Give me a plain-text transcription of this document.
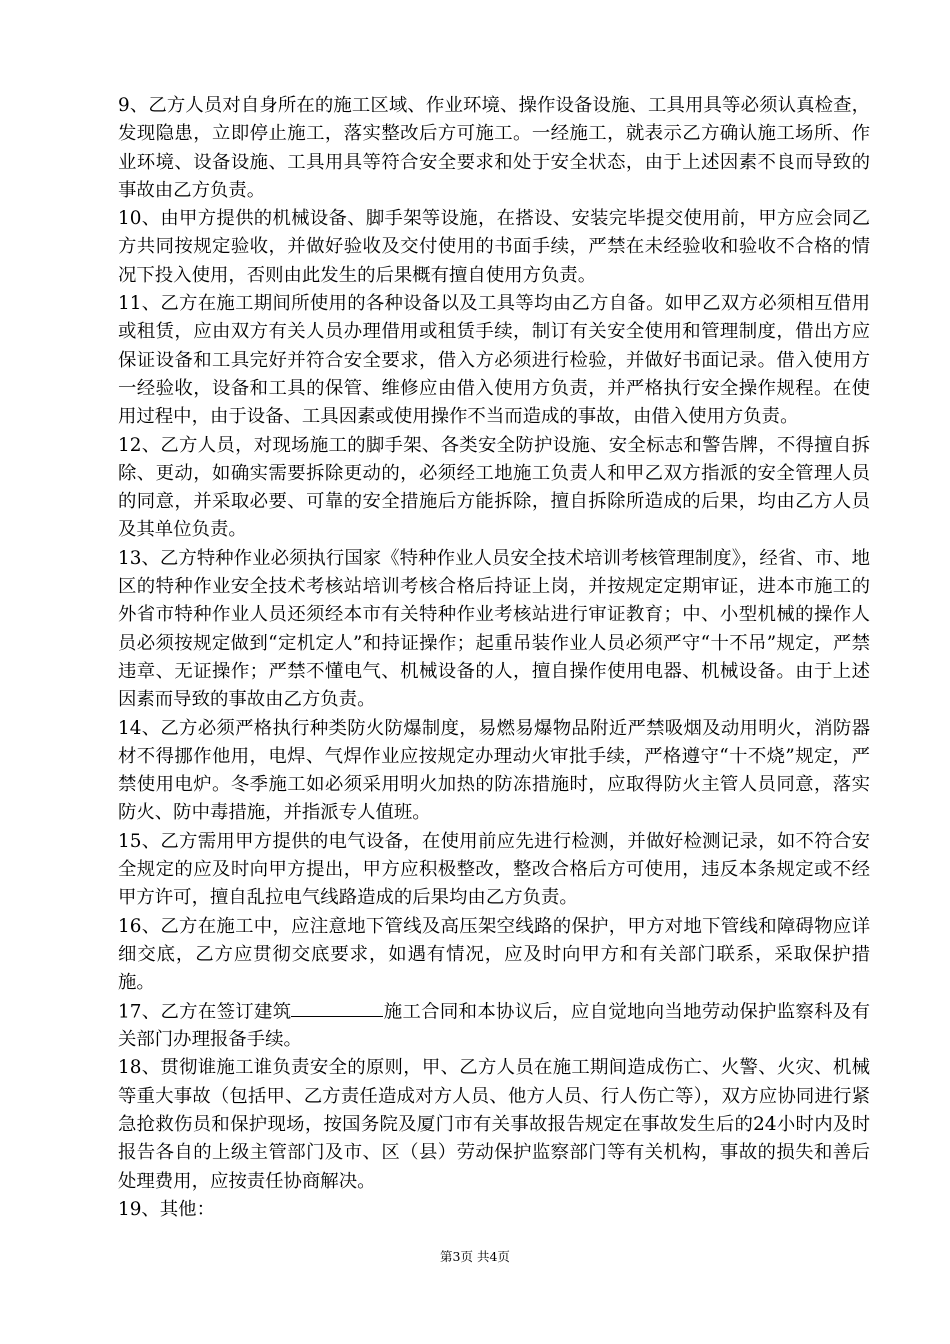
9、乙方人员对自身所在的施工区域、作业环境、操作设备设施、工具用具等必须认真检查，发现隐患，立即停止施工，落实整改后方可施工。一经施工，就表示乙方确认施工场所、作业环境、设备设施、工具用具等符合安全要求和处于安全状态，由于上述因素不良而导致的事故由乙方负责。

10、由甲方提供的机械设备、脚手架等设施，在搭设、安装完毕提交使用前，甲方应会同乙方共同按规定验收，并做好验收及交付使用的书面手续，严禁在未经验收和验收不合格的情况下投入使用，否则由此发生的后果概有擅自使用方负责。

11、乙方在施工期间所使用的各种设备以及工具等均由乙方自备。如甲乙双方必须相互借用或租赁，应由双方有关人员办理借用或租赁手续，制订有关安全使用和管理制度，借出方应保证设备和工具完好并符合安全要求，借入方必须进行检验，并做好书面记录。借入使用方一经验收，设备和工具的保管、维修应由借入使用方负责，并严格执行安全操作规程。在使用过程中，由于设备、工具因素或使用操作不当而造成的事故，由借入使用方负责。

12、乙方人员，对现场施工的脚手架、各类安全防护设施、安全标志和警告牌，不得擅自拆除、更动，如确实需要拆除更动的，必须经工地施工负责人和甲乙双方指派的安全管理人员的同意，并采取必要、可靠的安全措施后方能拆除，擅自拆除所造成的后果，均由乙方人员及其单位负责。

13、乙方特种作业必须执行国家《特种作业人员安全技术培训考核管理制度》，经省、市、地区的特种作业安全技术考核站培训考核合格后持证上岗，并按规定定期审证，进本市施工的外省市特种作业人员还须经本市有关特种作业考核站进行审证教育；中、小型机械的操作人员必须按规定做到“定机定人”和持证操作；起重吊装作业人员必须严守“十不吊”规定，严禁违章、无证操作；严禁不懂电气、机械设备的人，擅自操作使用电器、机械设备。由于上述因素而导致的事故由乙方负责。

14、乙方必须严格执行种类防火防爆制度，易燃易爆物品附近严禁吸烟及动用明火，消防器材不得挪作他用，电焊、气焊作业应按规定办理动火审批手续，严格遵守“十不烧”规定，严禁使用电炉。冬季施工如必须采用明火加热的防冻措施时，应取得防火主管人员同意，落实防火、防中毒措施，并指派专人值班。

15、乙方需用甲方提供的电气设备，在使用前应先进行检测，并做好检测记录，如不符合安全规定的应及时向甲方提出，甲方应积极整改，整改合格后方可使用，违反本条规定或不经甲方许可，擅自乱拉电气线路造成的后果均由乙方负责。

16、乙方在施工中，应注意地下管线及高压架空线路的保护，甲方对地下管线和障碍物应详细交底，乙方应贯彻交底要求，如遇有情况，应及时向甲方和有关部门联系，采取保护措施。

17、乙方在签订建筑	施工合同和本协议后，应自觉地向当地劳动保护监察科及有关部门办理报备手续。

18、贯彻谁施工谁负责安全的原则，甲、乙方人员在施工期间造成伤亡、火警、火灾、机械等重大事故（包括甲、乙方责任造成对方人员、他方人员、行人伤亡等），双方应协同进行紧急抢救伤员和保护现场，按国务院及厦门市有关事故报告规定在事故发生后的24小时内及时报告各自的上级主管部门及市、区（县）劳动保护监察部门等有关机构，事故的损失和善后处理费用，应按责任协商解决。

19、其他：

第3页 共4页
